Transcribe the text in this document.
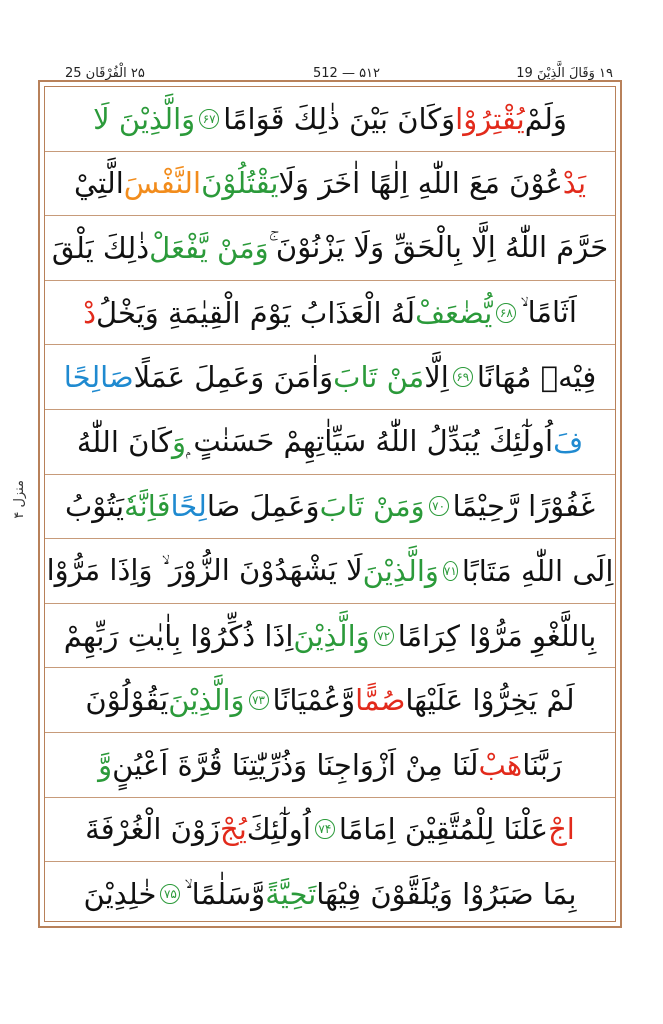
۲۵ الْفُرْقَان 25	512 — ۵۱۲	۱۹ وَقَالَ الَّذِيْنَ 19
منزل ۴
وَلَمْ
يُقْتِرُوْا
وَكَانَ بَيْنَ ذٰلِكَ قَوَامًا
۶۷
وَالَّذِيْنَ لَا
يَدْ
عُوْنَ مَعَ اللّٰهِ اِلٰهًا اٰخَرَ وَلَا
يَقْتُلُوْنَ
النَّفْسَ
الَّتِيْ
حَرَّمَ اللّٰهُ اِلَّا بِالْحَقِّ وَلَا يَزْنُوْنَ ۚ
وَمَنْ يَّفْعَلْ
ذٰلِكَ يَلْقَ
اَثَامًا ۙ
۶۸
يُّضٰعَفْ
لَهُ الْعَذَابُ يَوْمَ الْقِيٰمَةِ وَيَخْلُ
دْ
فِيْهٖ مُهَانًا
۶۹
اِلَّا
مَنْ تَابَ
وَاٰمَنَ وَعَمِلَ عَمَلًا
صَالِحًا
فَ
اُولٰٓئِكَ يُبَدِّلُ اللّٰهُ سَيِّاٰتِهِمْ حَسَنٰتٍ ۭ
وَ
كَانَ اللّٰهُ
غَفُوْرًا رَّحِيْمًا
۷۰
وَمَنْ تَابَ
وَعَمِلَ صَا
لِحًا
فَاِنَّهٗ
يَتُوْبُ
اِلَى اللّٰهِ مَتَابًا
۷۱
وَالَّذِيْنَ
لَا يَشْهَدُوْنَ الزُّوْرَ ۙ وَاِذَا مَرُّوْا
بِاللَّغْوِ مَرُّوْا كِرَامًا
۷۲
وَالَّذِيْنَ
اِذَا ذُكِّرُوْا بِاٰيٰتِ رَبِّهِمْ
لَمْ يَخِرُّوْا عَلَيْهَا
صُمًّا
وَّعُمْيَانًا
۷۳
وَالَّذِيْنَ
يَقُوْلُوْنَ
رَبَّنَا
هَبْ
لَنَا مِنْ اَزْوَاجِنَا وَذُرِّيّٰتِنَا قُرَّةَ اَعْيُنٍ
وَّ
اجْ
عَلْنَا لِلْمُتَّقِيْنَ اِمَامًا
۷۴
اُولٰٓئِكَ
يُجْ
زَوْنَ الْغُرْفَةَ
بِمَا صَبَرُوْا وَيُلَقَّوْنَ فِيْهَا
تَحِيَّةً
وَّسَلٰمًا ۙ
۷۵
خٰلِدِيْنَ
